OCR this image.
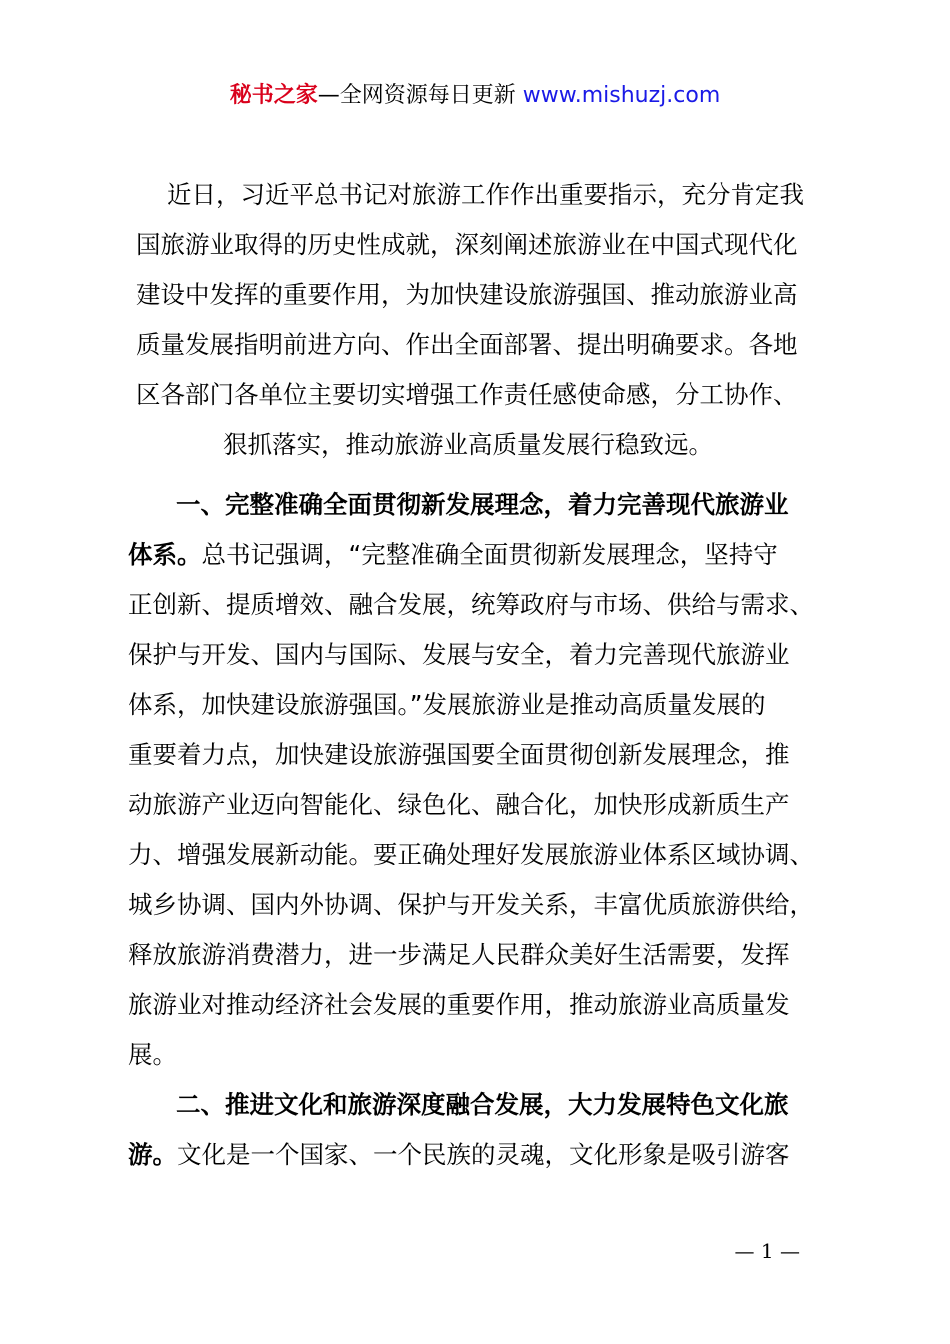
秘书之家—全网资源每日更新 www.mishuzj.com
近日，习近平总书记对旅游工作作出重要指示，充分肯定我
国旅游业取得的历史性成就，深刻阐述旅游业在中国式现代化
建设中发挥的重要作用，为加快建设旅游强国、推动旅游业高
质量发展指明前进方向、作出全面部署、提出明确要求。各地
区各部门各单位主要切实增强工作责任感使命感，分工协作、
狠抓落实，推动旅游业高质量发展行稳致远。
一、完整准确全面贯彻新发展理念，着力完善现代旅游业
体系。总书记强调，“完整准确全面贯彻新发展理念，坚持守
正创新、提质增效、融合发展，统筹政府与市场、供给与需求、
保护与开发、国内与国际、发展与安全，着力完善现代旅游业
体系，加快建设旅游强国。”发展旅游业是推动高质量发展的
重要着力点，加快建设旅游强国要全面贯彻创新发展理念，推
动旅游产业迈向智能化、绿色化、融合化，加快形成新质生产
力、增强发展新动能。要正确处理好发展旅游业体系区域协调、
城乡协调、国内外协调、保护与开发关系，丰富优质旅游供给，
释放旅游消费潜力，进一步满足人民群众美好生活需要，发挥
旅游业对推动经济社会发展的重要作用，推动旅游业高质量发
展。
二、推进文化和旅游深度融合发展，大力发展特色文化旅
游。文化是一个国家、一个民族的灵魂，文化形象是吸引游客
— 1 —
